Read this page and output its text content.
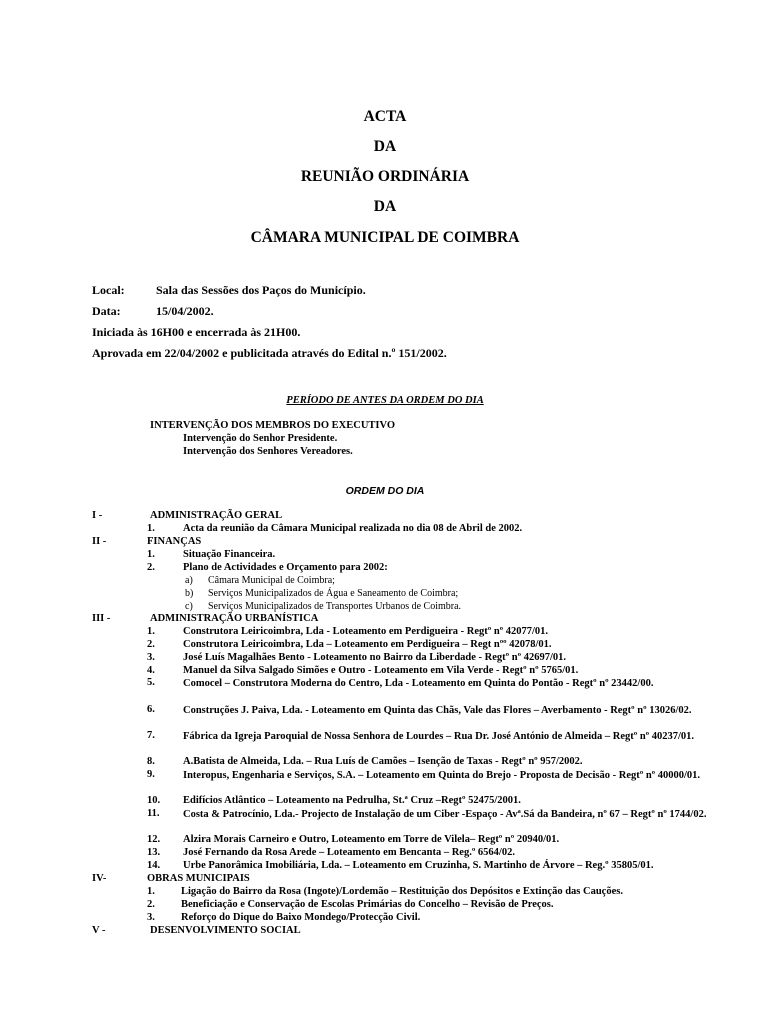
ACTA
DA
REUNIÃO ORDINÁRIA
DA
CÂMARA MUNICIPAL DE COIMBRA
Local:	Sala das Sessões dos Paços do Município.
Data:	15/04/2002.
Iniciada às 16H00 e encerrada às 21H00.
Aprovada em 22/04/2002 e publicitada através do Edital n.º 151/2002.
PERÍODO DE ANTES DA ORDEM DO DIA
INTERVENÇÃO DOS MEMBROS DO EXECUTIVO
Intervenção do Senhor Presidente.
Intervenção dos Senhores Vereadores.
ORDEM DO DIA
I -	ADMINISTRAÇÃO GERAL
1.	Acta da reunião da Câmara Municipal realizada no dia 08 de Abril de 2002.
II -	FINANÇAS
1.	Situação Financeira.
2.	Plano de Actividades e Orçamento para 2002:
a) Câmara Municipal de Coimbra;
b) Serviços Municipalizados de Água e Saneamento de Coimbra;
c) Serviços Municipalizados de Transportes Urbanos de Coimbra.
III -	ADMINISTRAÇÃO URBANÍSTICA
1.	Construtora Leiricoimbra, Lda - Loteamento em Perdigueira - Regtº nº 42077/01.
2.	Construtora Leiricoimbra, Lda – Loteamento em Perdigueira – Regt nºº 42078/01.
3.	José Luís Magalhães Bento - Loteamento no Bairro da Liberdade - Regtº nº 42697/01.
4.	Manuel da Silva Salgado Simões e Outro - Loteamento em Vila Verde - Regtº nº 5765/01.
5.	Comocel – Construtora Moderna do Centro, Lda - Loteamento em Quinta do Pontão - Regtº nº 23442/00.
6.	Construções J. Paiva, Lda. - Loteamento em Quinta das Chãs, Vale das Flores – Averbamento - Regtº nº 13026/02.
7.	Fábrica da Igreja Paroquial de Nossa Senhora de Lourdes – Rua Dr. José António de Almeida – Regtº nº 40237/01.
8.	A.Batista de Almeida, Lda. – Rua Luís de Camões – Isenção de Taxas - Regtº nº 957/2002.
9.	Interopus, Engenharia e Serviços, S.A. – Loteamento em Quinta do Brejo - Proposta de Decisão - Regtº nº 40000/01.
10. Edifícios Atlântico – Loteamento na Pedrulha, St.ª Cruz –Regtº 52475/2001.
11. Costa & Patrocínio, Lda.- Projecto de Instalação de um Ciber -Espaço - Avª.Sá da Bandeira, nº 67 – Regtº nº 1744/02.
12. Alzira Morais Carneiro e Outro, Loteamento em Torre de Vilela– Regtº nº 20940/01.
13. José Fernando da Rosa Arede – Loteamento em Bencanta – Reg.º 6564/02.
14. Urbe Panorâmica Imobiliária, Lda. – Loteamento em Cruzinha, S. Martinho de Árvore – Reg.º 35805/01.
IV-	OBRAS MUNICIPAIS
1. Ligação do Bairro da Rosa (Ingote)/Lordemão – Restituição dos Depósitos e Extinção das Cauções.
2. Beneficiação e Conservação de Escolas Primárias do Concelho – Revisão de Preços.
3. Reforço do Dique do Baixo Mondego/Protecção Civil.
V -	DESENVOLVIMENTO SOCIAL
